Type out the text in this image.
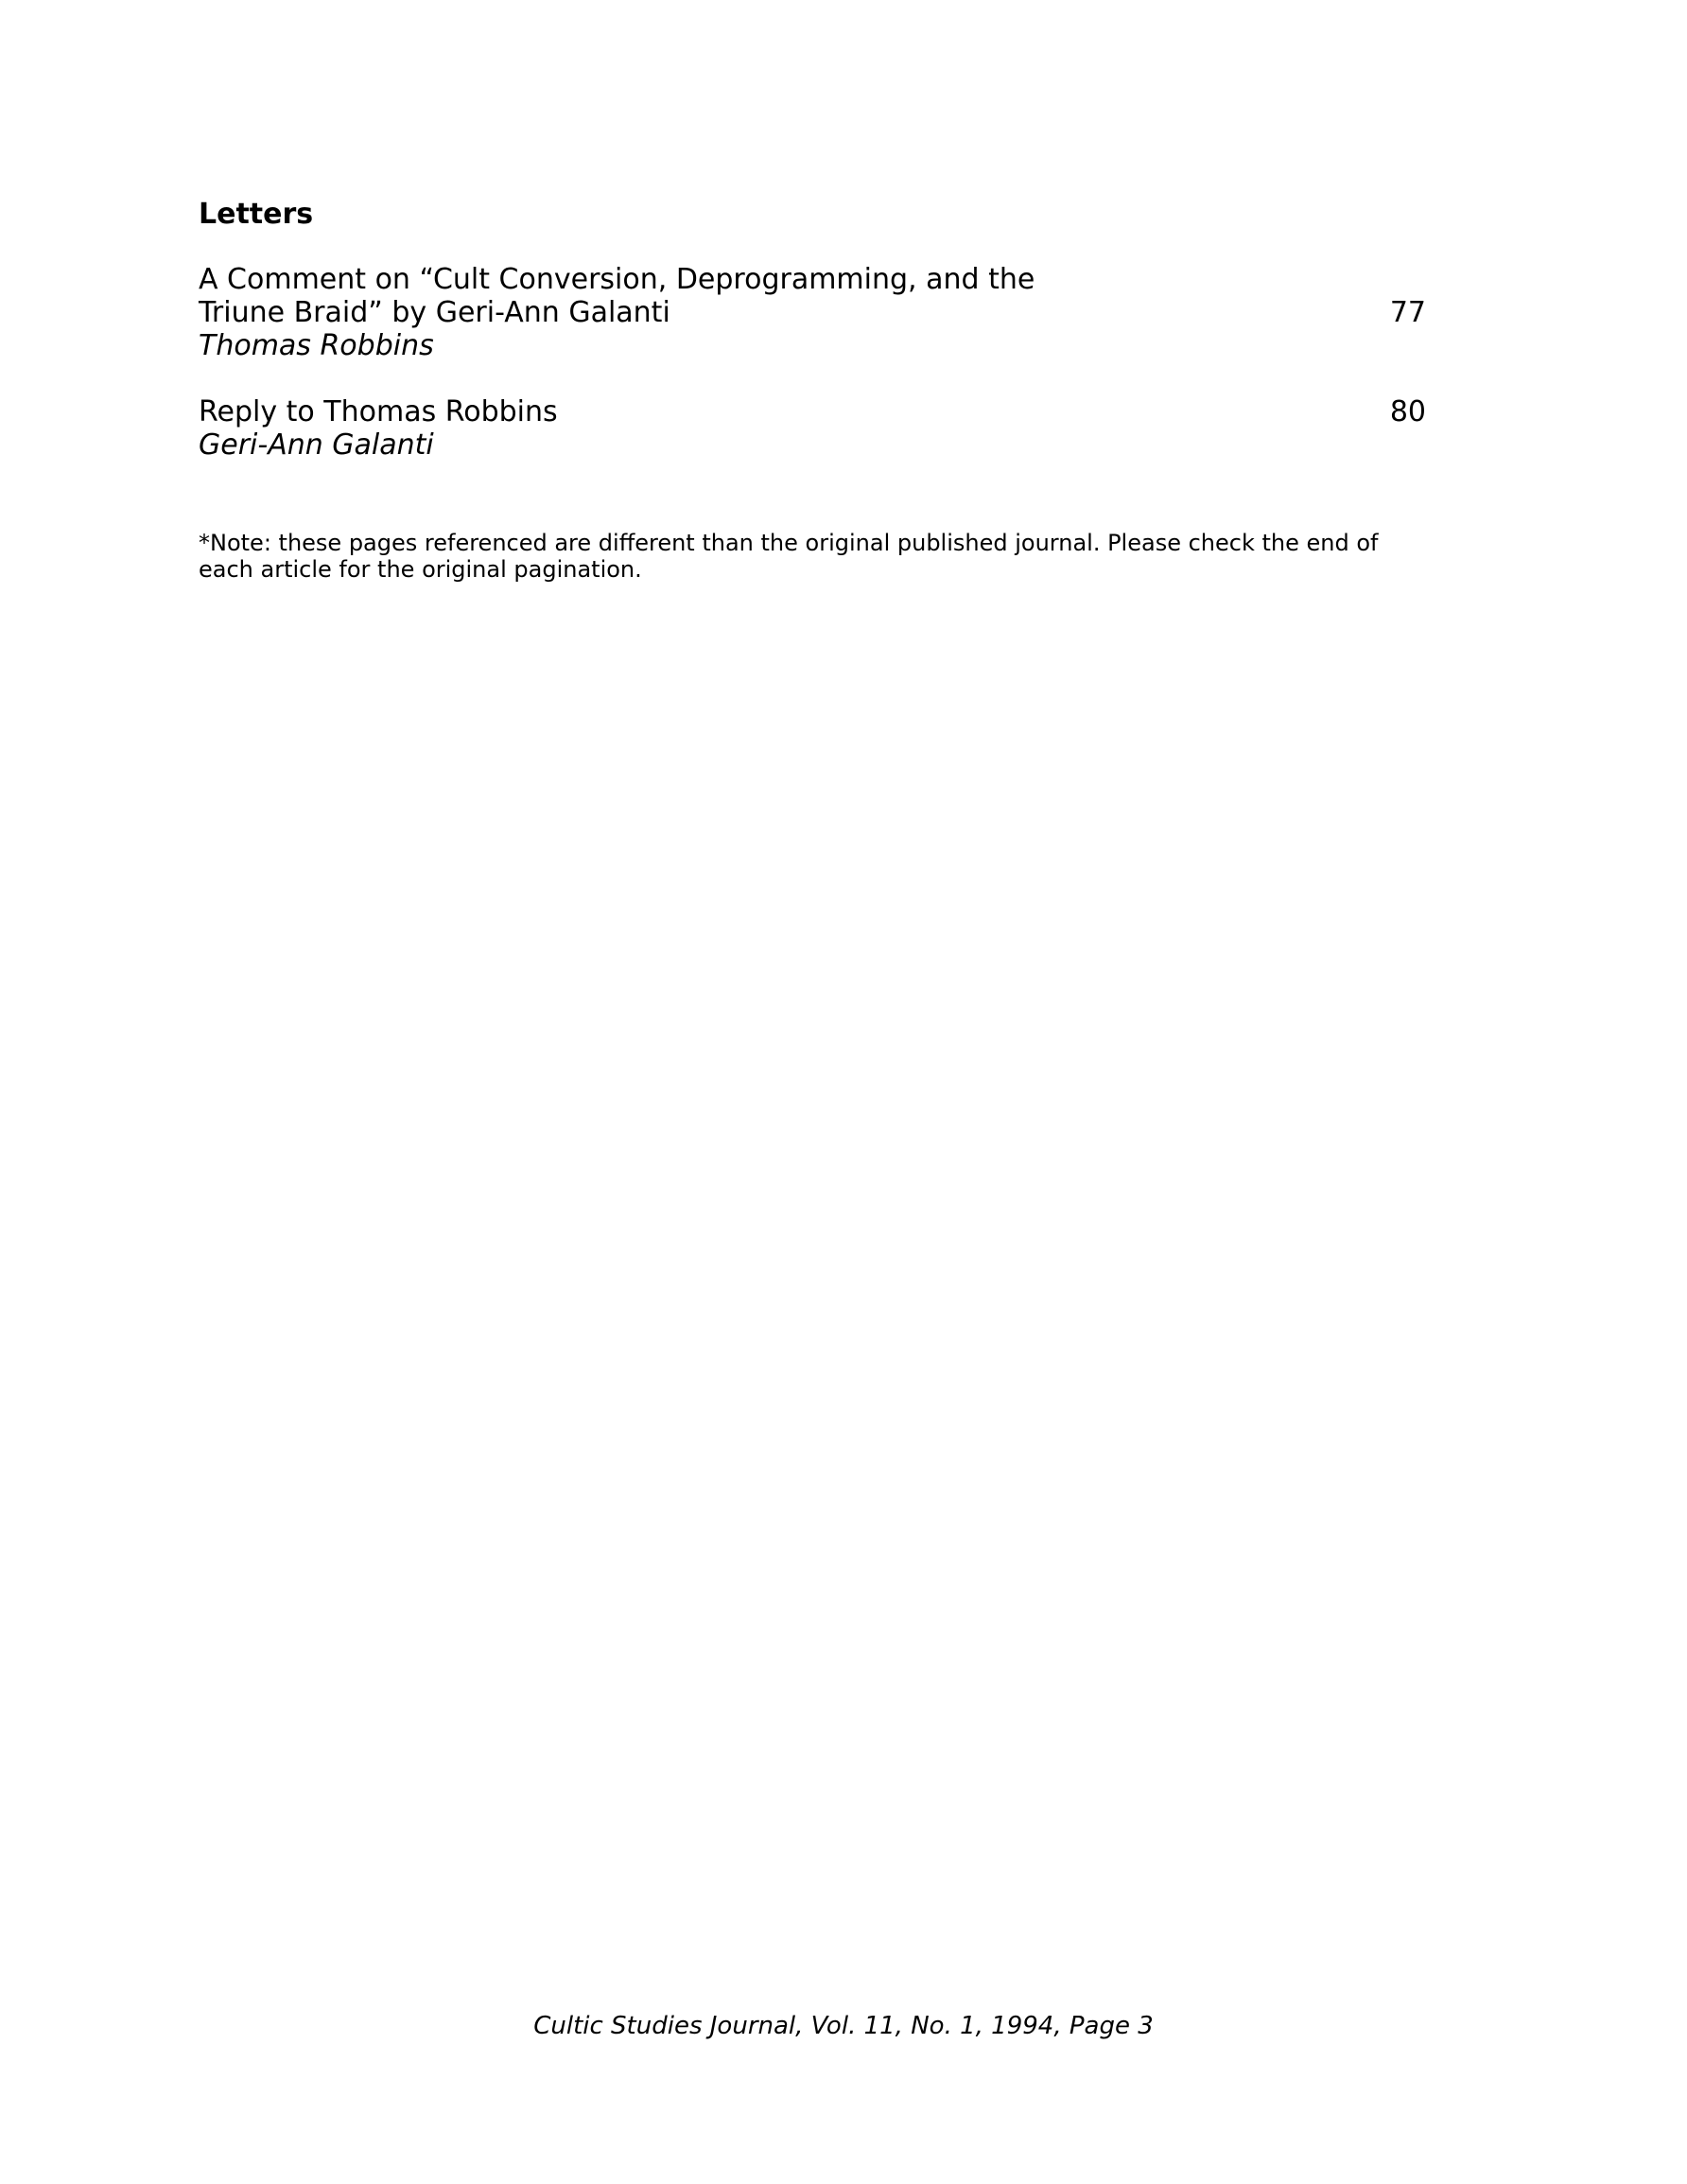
Letters
77
A Comment on “Cult Conversion, Deprogramming, and the
Triune Braid” by Geri-Ann Galanti
Thomas Robbins
80
Reply to Thomas Robbins
Geri-Ann Galanti
*Note: these pages referenced are different than the original published journal. Please check the end of each article for the original pagination.
Cultic Studies Journal, Vol. 11, No. 1, 1994, Page 3
